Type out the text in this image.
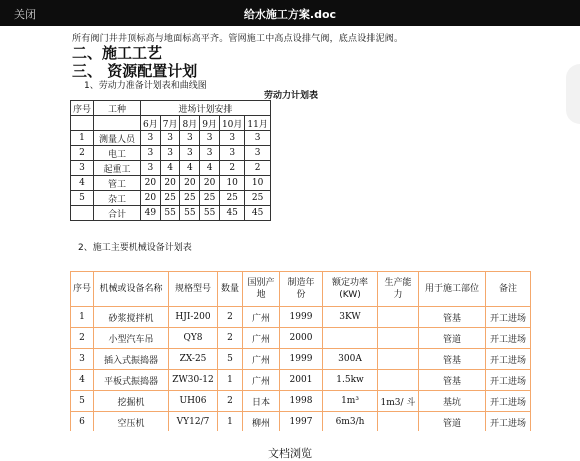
关闭	给水施工方案.doc
所有阀门井井顶标高与地面标高平齐。管网施工中高点设排气阀，底点设排泥阀。
二、施工工艺
三、 资源配置计划
1、劳动力准备计划表和曲线图
劳动力计划表
序号	工种	进场计划安排					
		6月	7月	8月	9月	10月	11月
1	测量人员	3	3	3	3	3	3
2	电工	3	3	3	3	3	3
3	起重工	3	4	4	4	2	2
4	管工	20	20	20	20	10	10
5	杂工	20	25	25	25	25	25
	合计	49	55	55	55	45	45
2、施工主要机械设备计划表
序号	机械或设备名称	规格型号	数量	国别产
地	制造年
份	额定功率
(KW)	生产能
力	用于施工部位	备注
1	砂浆搅拌机	HJI-200	2	广州	1999	3KW		管基	开工进场
2	小型汽车吊	QY8	2	广州	2000			管道	开工进场
3	插入式振捣器	ZX-25	5	广州	1999	300A		管基	开工进场
4	平板式振捣器	ZW30-12	1	广州	2001	1.5kw		管基	开工进场
5	挖掘机	UH06	2	日本	1998	1m³	1m3/ 斗	基坑	开工进场
6	空压机	VY12/7	1	柳州	1997	6m3/h		管道	开工进场
$_{文档浏览}$
